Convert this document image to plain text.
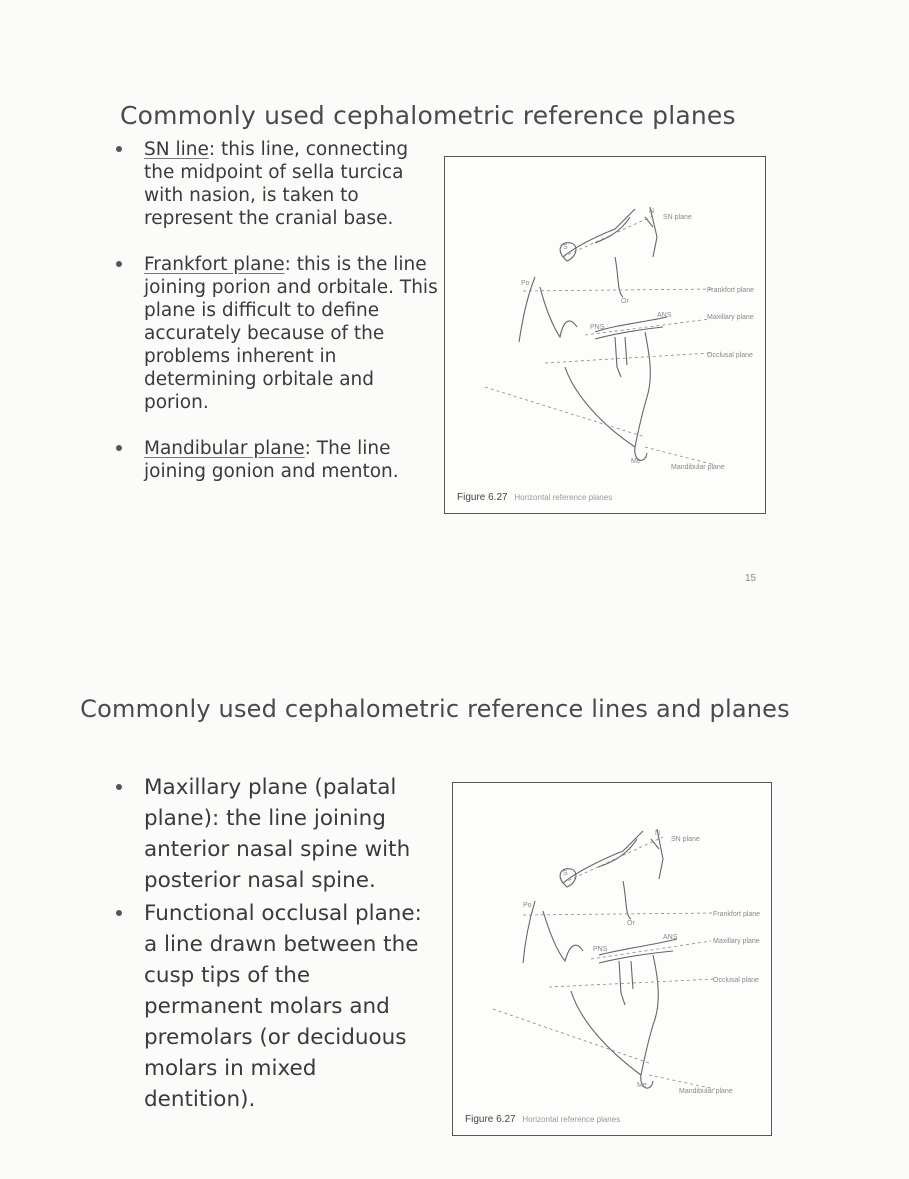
Commonly used cephalometric reference planes
SN line: this line, connecting the midpoint of sella turcica with nasion, is taken to represent the cranial base.
Frankfort plane: this is the line joining porion and orbitale. This plane is difficult to define accurately because of the problems inherent in determining orbitale and porion.
Mandibular plane: The line joining gonion and menton.
SN plane
Frankfort plane
Maxillary plane
Occlusal plane
Mandibular plane
PNS
ANS
N
S
Po
Or
Me
Figure 6.27 Horizontal reference planes
15
Commonly used cephalometric reference lines and planes
Maxillary plane (palatal plane): the line joining anterior nasal spine with posterior nasal spine.
Functional occlusal plane: a line drawn between the cusp tips of the permanent molars and premolars (or deciduous molars in mixed dentition).
SN plane
Frankfort plane
Maxillary plane
Occlusal plane
Mandibular plane
PNS
ANS
N
S
Po
Or
Me
Figure 6.27 Horizontal reference planes
